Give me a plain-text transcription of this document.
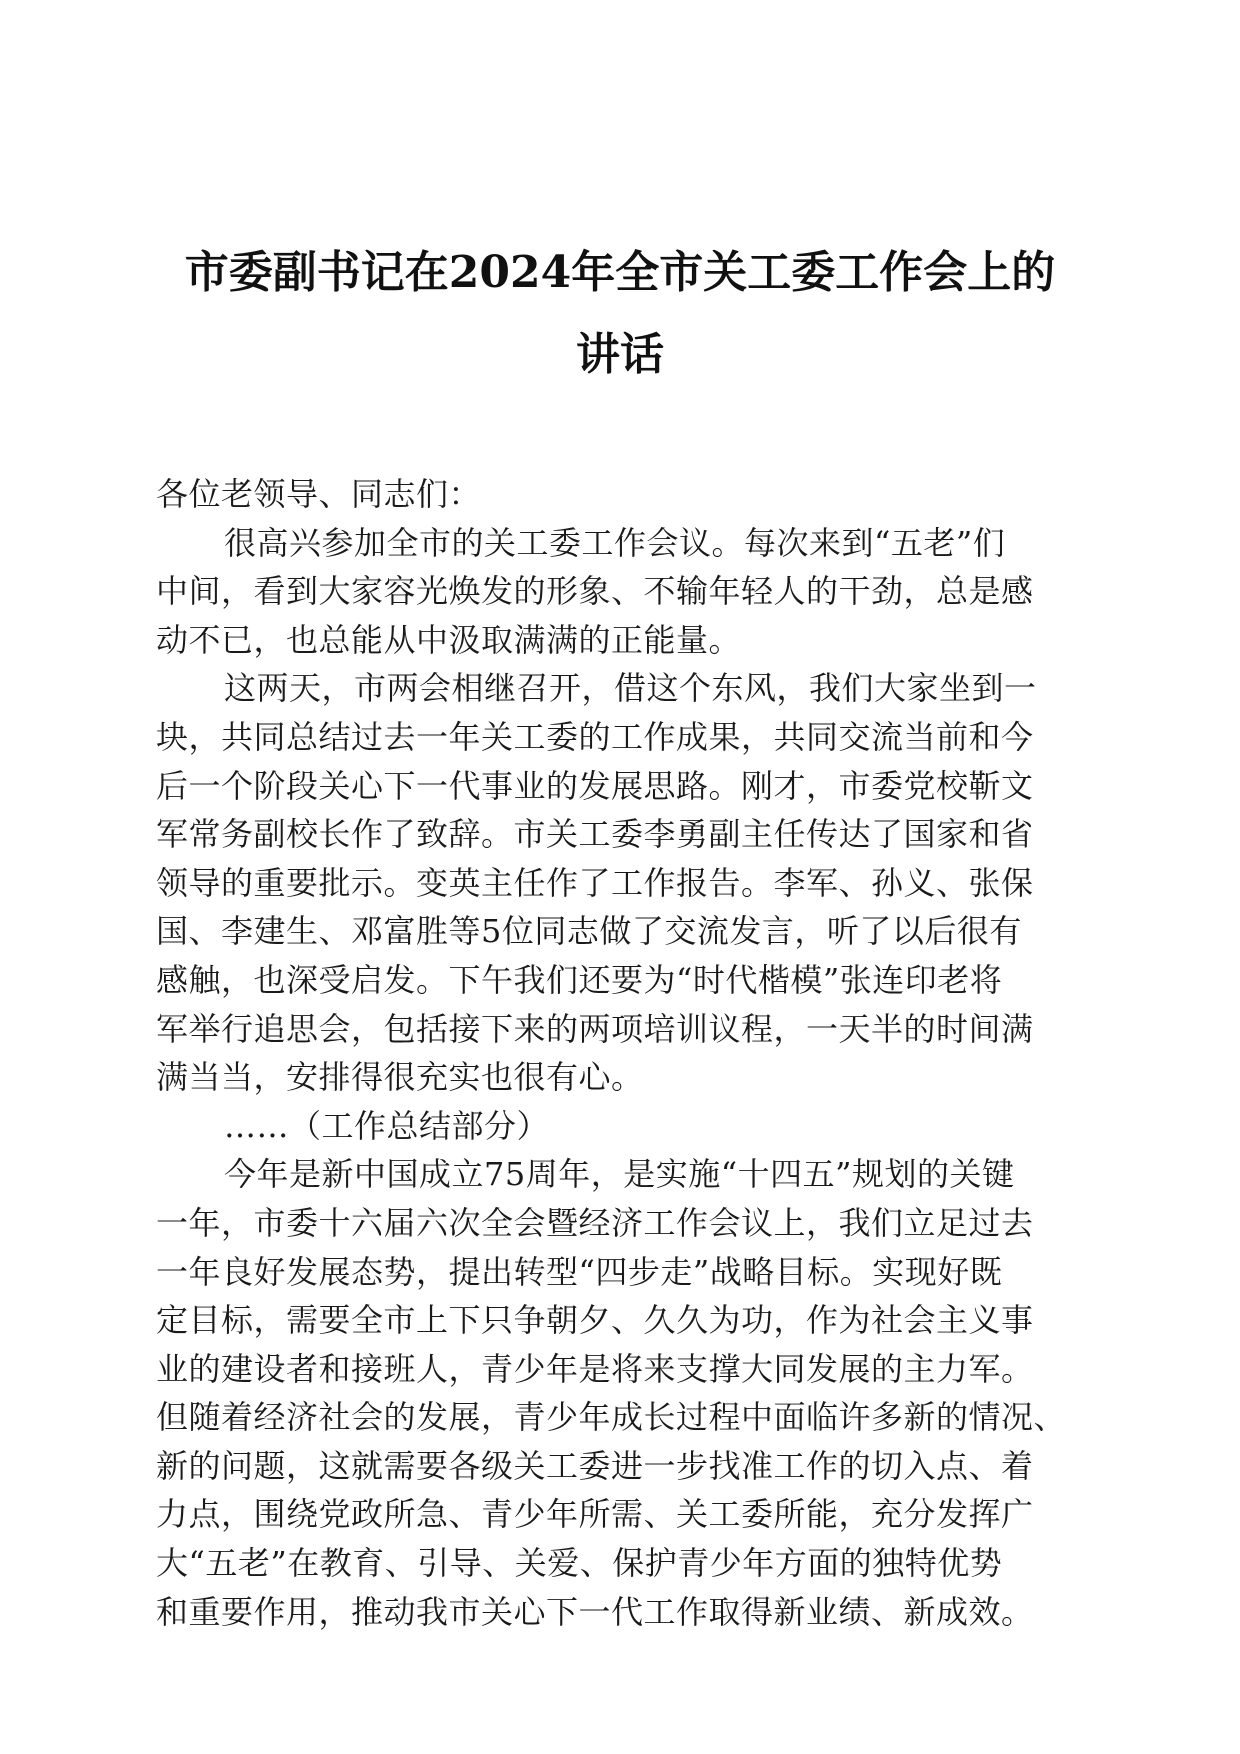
市委副书记在2024年全市关工委工作会上的
讲话
各位老领导、同志们：
很高兴参加全市的关工委工作会议。每次来到“五老”们
中间，看到大家容光焕发的形象、不输年轻人的干劲，总是感
动不已，也总能从中汲取满满的正能量。
这两天，市两会相继召开，借这个东风，我们大家坐到一
块，共同总结过去一年关工委的工作成果，共同交流当前和今
后一个阶段关心下一代事业的发展思路。刚才，市委党校靳文
军常务副校长作了致辞。市关工委李勇副主任传达了国家和省
领导的重要批示。变英主任作了工作报告。李军、孙义、张保
国、李建生、邓富胜等5位同志做了交流发言，听了以后很有
感触，也深受启发。下午我们还要为“时代楷模”张连印老将
军举行追思会，包括接下来的两项培训议程，一天半的时间满
满当当，安排得很充实也很有心。
……（工作总结部分）
今年是新中国成立75周年，是实施“十四五”规划的关键
一年，市委十六届六次全会暨经济工作会议上，我们立足过去
一年良好发展态势，提出转型“四步走”战略目标。实现好既
定目标，需要全市上下只争朝夕、久久为功，作为社会主义事
业的建设者和接班人，青少年是将来支撑大同发展的主力军。
但随着经济社会的发展，青少年成长过程中面临许多新的情况、
新的问题，这就需要各级关工委进一步找准工作的切入点、着
力点，围绕党政所急、青少年所需、关工委所能，充分发挥广
大“五老”在教育、引导、关爱、保护青少年方面的独特优势
和重要作用，推动我市关心下一代工作取得新业绩、新成效。
